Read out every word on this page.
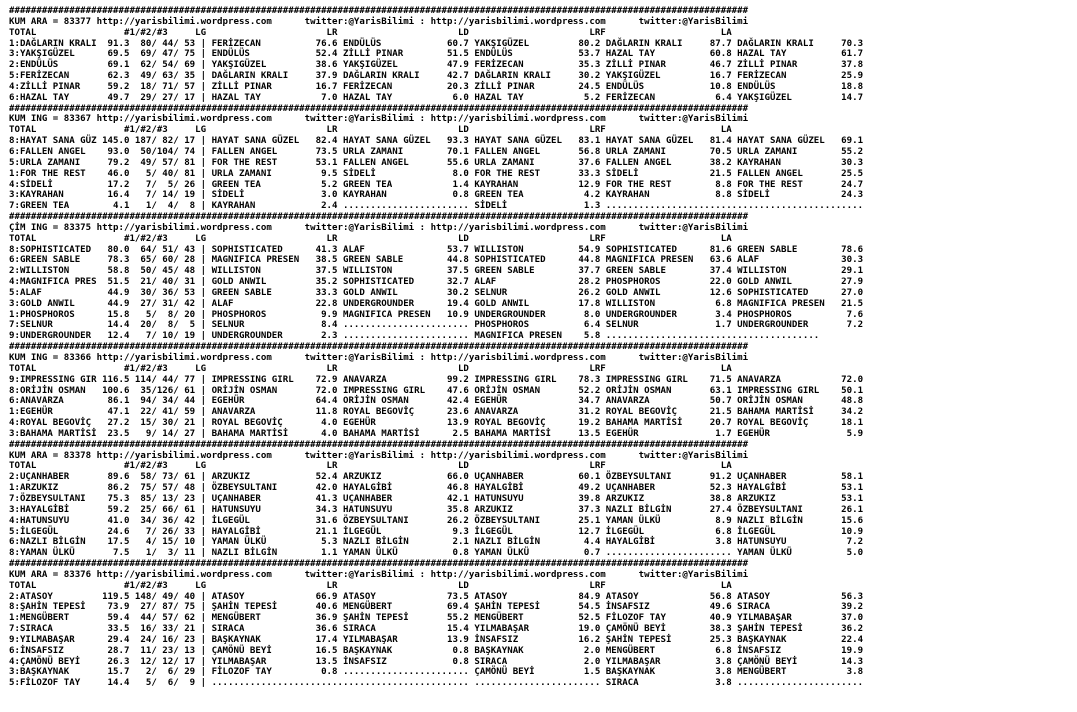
#######################################################################################################################################
KUM ARA = 83377 http://yarisbilimi.wordpress.com      twitter:@YarisBilimi : http://yarisbilimi.wordpress.com      twitter:@YarisBilimi
TOTAL                #1/#2/#3     LG                      LR                      LD                      LRF                     LA
1:DAĞLARIN KRALI  91.3  80/ 44/ 53 | FERİZECAN          76.6 ENDÜLÜS            60.7 YAKŞIGÜZEL         80.2 DAĞLARIN KRALI     87.7 DAĞLARIN KRALI     70.3
3:YAKŞIGÜZEL      69.5  69/ 47/ 75 | ENDÜLÜS            52.4 ZİLLİ PINAR        51.5 ENDÜLÜS            53.7 HAZAL TAY          60.8 HAZAL TAY          61.7
2:ENDÜLÜS         69.1  62/ 54/ 69 | YAKŞIGÜZEL         38.6 YAKŞIGÜZEL         47.9 FERİZECAN          35.3 ZİLLİ PINAR        46.7 ZİLLİ PINAR        37.8
5:FERİZECAN       62.3  49/ 63/ 35 | DAĞLARIN KRALI     37.9 DAĞLARIN KRALI     42.7 DAĞLARIN KRALI     30.2 YAKŞIGÜZEL         16.7 FERİZECAN          25.9
4:ZİLLİ PINAR     59.2  18/ 71/ 57 | ZİLLİ PINAR        16.7 FERİZECAN          20.3 ZİLLİ PINAR        24.5 ENDÜLÜS            10.8 ENDÜLÜS            18.8
6:HAZAL TAY       49.7  29/ 27/ 17 | HAZAL TAY           7.0 HAZAL TAY           6.0 HAZAL TAY           5.2 FERİZECAN           6.4 YAKŞIGÜZEL         14.7
#######################################################################################################################################
KUM ING = 83367 http://yarisbilimi.wordpress.com      twitter:@YarisBilimi : http://yarisbilimi.wordpress.com      twitter:@YarisBilimi
TOTAL                #1/#2/#3     LG                      LR                      LD                      LRF                     LA
8:HAYAT SANA GÜZ 145.0 187/ 82/ 17 | HAYAT SANA GÜZEL   82.4 HAYAT SANA GÜZEL   93.3 HAYAT SANA GÜZEL   83.1 HAYAT SANA GÜZEL   81.4 HAYAT SANA GÜZEL   69.1
6:FALLEN ANGEL    93.0  50/104/ 74 | FALLEN ANGEL       73.5 URLA ZAMANI        70.1 FALLEN ANGEL       56.8 URLA ZAMANI        70.5 URLA ZAMANI        55.2
5:URLA ZAMANI     79.2  49/ 57/ 81 | FOR THE REST       53.1 FALLEN ANGEL       55.6 URLA ZAMANI        37.6 FALLEN ANGEL       38.2 KAYRAHAN           30.3
1:FOR THE REST    46.0   5/ 40/ 81 | URLA ZAMANI         9.5 SİDELİ              8.0 FOR THE REST       33.3 SİDELİ             21.5 FALLEN ANGEL       25.5
4:SİDELİ          17.2   7/  5/ 26 | GREEN TEA           5.2 GREEN TEA           1.4 KAYRAHAN           12.9 FOR THE REST        8.8 FOR THE REST       24.7
3:KAYRAHAN        16.4   7/ 14/ 19 | SİDELİ              3.0 KAYRAHAN            0.8 GREEN TEA           4.2 KAYRAHAN            8.8 SİDELİ             24.3
7:GREEN TEA        4.1   1/  4/  8 | KAYRAHAN            2.4 ....................... SİDELİ              1.3 ...............................................
#######################################################################################################################################
ÇİM ING = 83375 http://yarisbilimi.wordpress.com      twitter:@YarisBilimi : http://yarisbilimi.wordpress.com      twitter:@YarisBilimi
TOTAL                #1/#2/#3     LG                      LR                      LD                      LRF                     LA
8:SOPHISTICATED   80.0  64/ 51/ 43 | SOPHISTICATED      41.3 ALAF               53.7 WILLISTON          54.9 SOPHISTICATED      81.6 GREEN SABLE        78.6
6:GREEN SABLE     78.3  65/ 60/ 28 | MAGNIFICA PRESEN   38.5 GREEN SABLE        44.8 SOPHISTICATED      44.8 MAGNIFICA PRESEN   63.6 ALAF               30.3
2:WILLISTON       58.8  50/ 45/ 48 | WILLISTON          37.5 WILLISTON          37.5 GREEN SABLE        37.7 GREEN SABLE        37.4 WILLISTON          29.1
4:MAGNIFICA PRES  51.5  21/ 40/ 31 | GOLD ANWIL         35.2 SOPHISTICATED      32.7 ALAF               28.2 PHOSPHOROS         22.0 GOLD ANWIL         27.9
5:ALAF            44.9  30/ 36/ 53 | GREEN SABLE        33.3 GOLD ANWIL         30.2 SELNUR             26.2 GOLD ANWIL         12.6 SOPHISTICATED      27.0
3:GOLD ANWIL      44.9  27/ 31/ 42 | ALAF               22.8 UNDERGROUNDER      19.4 GOLD ANWIL         17.8 WILLISTON           6.8 MAGNIFICA PRESEN   21.5
1:PHOSPHOROS      15.8   5/  8/ 20 | PHOSPHOROS          9.9 MAGNIFICA PRESEN   10.9 UNDERGROUNDER       8.0 UNDERGROUNDER       3.4 PHOSPHOROS          7.6
7:SELNUR          14.4  20/  8/  5 | SELNUR              8.4 ....................... PHOSPHOROS          6.4 SELNUR              1.7 UNDERGROUNDER       7.2
9:UNDERGROUNDER   12.4   7/ 10/ 19 | UNDERGROUNDER       2.3 ....................... MAGNIFICA PRESEN    5.8 .......................................
#######################################################################################################################################
KUM ING = 83366 http://yarisbilimi.wordpress.com      twitter:@YarisBilimi : http://yarisbilimi.wordpress.com      twitter:@YarisBilimi
TOTAL                #1/#2/#3     LG                      LR                      LD                      LRF                     LA
9:IMPRESSING GIR 116.5 114/ 44/ 77 | IMPRESSING GIRL    72.9 ANAVARZA           99.2 IMPRESSING GIRL    78.3 IMPRESSING GIRL    71.5 ANAVARZA           72.0
8:ORİJİN OSMAN   100.6  35/126/ 61 | ORİJİN OSMAN       72.0 IMPRESSING GIRL    47.6 ORİJİN OSMAN       52.2 ORİJİN OSMAN       63.1 IMPRESSING GIRL    50.1
6:ANAVARZA        86.1  94/ 34/ 44 | EGEHÜR             64.4 ORİJİN OSMAN       42.4 EGEHÜR             34.7 ANAVARZA           50.7 ORİJİN OSMAN       48.8
1:EGEHÜR          47.1  22/ 41/ 59 | ANAVARZA           11.8 ROYAL BEGOVİÇ      23.6 ANAVARZA           31.2 ROYAL BEGOVİÇ      21.5 BAHAMA MARTİSİ     34.2
4:ROYAL BEGOVİÇ   27.2  15/ 30/ 21 | ROYAL BEGOVİÇ       4.0 EGEHÜR             13.9 ROYAL BEGOVİÇ      19.2 BAHAMA MARTİSİ     20.7 ROYAL BEGOVİÇ      18.1
3:BAHAMA MARTİSİ  23.5   9/ 14/ 27 | BAHAMA MARTİSİ      4.0 BAHAMA MARTİSİ      2.5 BAHAMA MARTİSİ     13.5 EGEHÜR              1.7 EGEHÜR              5.9
#######################################################################################################################################
KUM ARA = 83378 http://yarisbilimi.wordpress.com      twitter:@YarisBilimi : http://yarisbilimi.wordpress.com      twitter:@YarisBilimi
TOTAL                #1/#2/#3     LG                      LR                      LD                      LRF                     LA
2:UÇANHABER       89.6  58/ 73/ 61 | ARZUKIZ            52.4 ARZUKIZ            66.0 UÇANHABER          60.1 ÖZBEYSULTANI       91.2 UÇANHABER          58.1
1:ARZUKIZ         86.2  75/ 57/ 48 | ÖZBEYSULTANI       42.0 HAYALGİBİ          46.8 HAYALGİBİ          49.2 UÇANHABER          52.3 HAYALGİBİ          53.1
7:ÖZBEYSULTANI    75.3  85/ 13/ 23 | UÇANHABER          41.3 UÇANHABER          42.1 HATUNSUYU          39.8 ARZUKIZ            38.8 ARZUKIZ            53.1
3:HAYALGİBİ       59.2  25/ 66/ 61 | HATUNSUYU          34.3 HATUNSUYU          35.8 ARZUKIZ            37.3 NAZLI BİLGİN       27.4 ÖZBEYSULTANI       26.1
4:HATUNSUYU       41.0  34/ 36/ 42 | İLGEGÜL            31.6 ÖZBEYSULTANI       26.2 ÖZBEYSULTANI       25.1 YAMAN ÜLKÜ          8.9 NAZLI BİLGİN       15.6
5:İLGEGÜL         24.6   7/ 26/ 33 | HAYALGİBİ          21.1 İLGEGÜL             9.3 İLGEGÜL            12.7 İLGEGÜL             6.8 İLGEGÜL            10.9
6:NAZLI BİLGİN    17.5   4/ 15/ 10 | YAMAN ÜLKÜ          5.3 NAZLI BİLGİN        2.1 NAZLI BİLGİN        4.4 HAYALGİBİ           3.8 HATUNSUYU           7.2
8:YAMAN ÜLKÜ       7.5   1/  3/ 11 | NAZLI BİLGİN        1.1 YAMAN ÜLKÜ          0.8 YAMAN ÜLKÜ          0.7 ....................... YAMAN ÜLKÜ          5.0
#######################################################################################################################################
KUM ARA = 83376 http://yarisbilimi.wordpress.com      twitter:@YarisBilimi : http://yarisbilimi.wordpress.com      twitter:@YarisBilimi
TOTAL                #1/#2/#3     LG                      LR                      LD                      LRF                     LA
2:ATASOY         119.5 148/ 49/ 40 | ATASOY             66.9 ATASOY             73.5 ATASOY             84.9 ATASOY             56.8 ATASOY             56.3
8:ŞAHİN TEPESİ    73.9  27/ 87/ 75 | ŞAHİN TEPESİ       40.6 MENGÜBERT          69.4 ŞAHİN TEPESİ       54.5 İNSAFSIZ           49.6 SIRACA             39.2
1:MENGÜBERT       59.4  44/ 57/ 62 | MENGÜBERT          36.9 ŞAHİN TEPESİ       55.2 MENGÜBERT          52.5 FİLOZOF TAY        40.9 YILMABAŞAR         37.0
7:SIRACA          33.5  16/ 33/ 21 | SIRACA             36.6 SIRACA             15.4 YILMABAŞAR         19.0 ÇAMÖNÜ BEYİ        38.3 ŞAHİN TEPESİ       36.2
9:YILMABAŞAR      29.4  24/ 16/ 23 | BAŞKAYNAK          17.4 YILMABAŞAR         13.9 İNSAFSIZ           16.2 ŞAHİN TEPESİ       25.3 BAŞKAYNAK          22.4
6:İNSAFSIZ        28.7  11/ 23/ 13 | ÇAMÖNÜ BEYİ        16.5 BAŞKAYNAK           0.8 BAŞKAYNAK           2.0 MENGÜBERT           6.8 İNSAFSIZ           19.9
4:ÇAMÖNÜ BEYİ     26.3  12/ 12/ 17 | YILMABAŞAR         13.5 İNSAFSIZ            0.8 SIRACA              2.0 YILMABAŞAR          3.8 ÇAMÖNÜ BEYİ        14.3
3:BAŞKAYNAK       15.7   2/  6/ 29 | FİLOZOF TAY         0.8 ....................... ÇAMÖNÜ BEYİ         1.5 BAŞKAYNAK           3.8 MENGÜBERT           3.8
5:FİLOZOF TAY     14.4   5/  6/  9 | ............................................... ....................... SIRACA              3.8 .......................
